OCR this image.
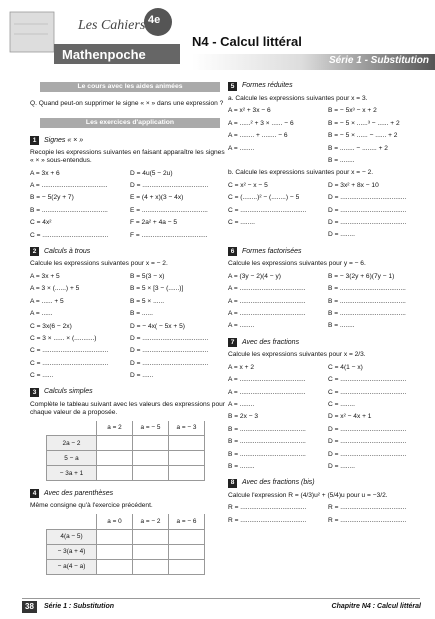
Les Cahiers
Mathenpoche
4e
N4 - Calcul littéral
Série 1 - Substitution
Le cours avec les aides animées

Q. Quand peut-on supprimer le signe « × » dans une expression ?

Les exercices d'application
1	Signes « × »

Recopie les expressions suivantes en faisant apparaître les signes « × » sous-entendus.

A = 3x + 6	D = 4u(5 − 2u)
A = ....................................	D = ....................................
B = − 5(2y + 7)	E = (4 + x)(3 − 4x)
B = ....................................	E = ....................................
C = 4x²	F = 2a² + 4a − 5
C = ....................................	F = ....................................
2	Calculs à trous

Calcule les expressions suivantes pour x = − 2.

A = 3x + 5	B = 5(3 − x)
A = 3 × (......) + 5	B = 5 × [3 − (......)]
A = ...... + 5	B = 5 × ......
A = ......	B = ......
C = 3x(6 − 2x)	D = − 4x( − 5x + 5)
C = 3 × ...... × (...........)	D = ....................................
C = ....................................	D = ....................................
C = ....................................	D = ....................................
C = ......	D = ......
3	Calculs simples

Complète le tableau suivant avec les valeurs des expressions pour chaque valeur de a proposée.

	a = 2	a = − 5	a = − 3
2a − 2			
5 − a			
− 3a + 1			
4	Avec des parenthèses

Même consigne qu'à l'exercice précédent.

	a = 0	a = − 2	a = − 6
4(a − 5)			
− 3(a + 4)			
− a(4 − a)			
5	Formes réduites

a. Calcule les expressions suivantes pour x = 3.

A = x² + 3x − 6	B = − 5x³ − x + 2
A = ......² + 3 × ...... − 6	B = − 5 × ......³ − ...... + 2
A = ........ + ........ − 6	B = − 5 × ...... − ...... + 2
A = ........	B = ........ − ........ + 2
B = ........

b. Calcule les expressions suivantes pour x = − 2.

C = x² − x − 5	D = 3x² + 8x − 10
C = (........)² − (........) − 5	D = ....................................
C = ....................................	D = ....................................
C = ........	D = ....................................
D = ........
6	Formes factorisées

Calcule les expressions suivantes pour y = − 6.

A = (3y − 2)(4 − y)	B = − 3(2y + 6)(7y − 1)
A = ....................................	B = ....................................
A = ....................................	B = ....................................
A = ....................................	B = ....................................
A = ........	B = ........
7	Avec des fractions

Calcule les expressions suivantes pour x = 2/3.

A = x + 2	C = 4(1 − x)
A = ....................................	C = ....................................
A = ....................................	C = ....................................
A = ........	C = ........
B = 2x − 3	D = x² − 4x + 1
B = ....................................	D = ....................................
B = ....................................	D = ....................................
B = ....................................	D = ....................................
B = ........	D = ........
8	Avec des fractions (bis)

Calcule l'expression R = (4/3)u² + (5/4)u pour u = −3/2.

R = ....................................	R = ....................................
R = ....................................	R = ....................................
38	Série 1 : Substitution	Chapitre N4 : Calcul littéral
